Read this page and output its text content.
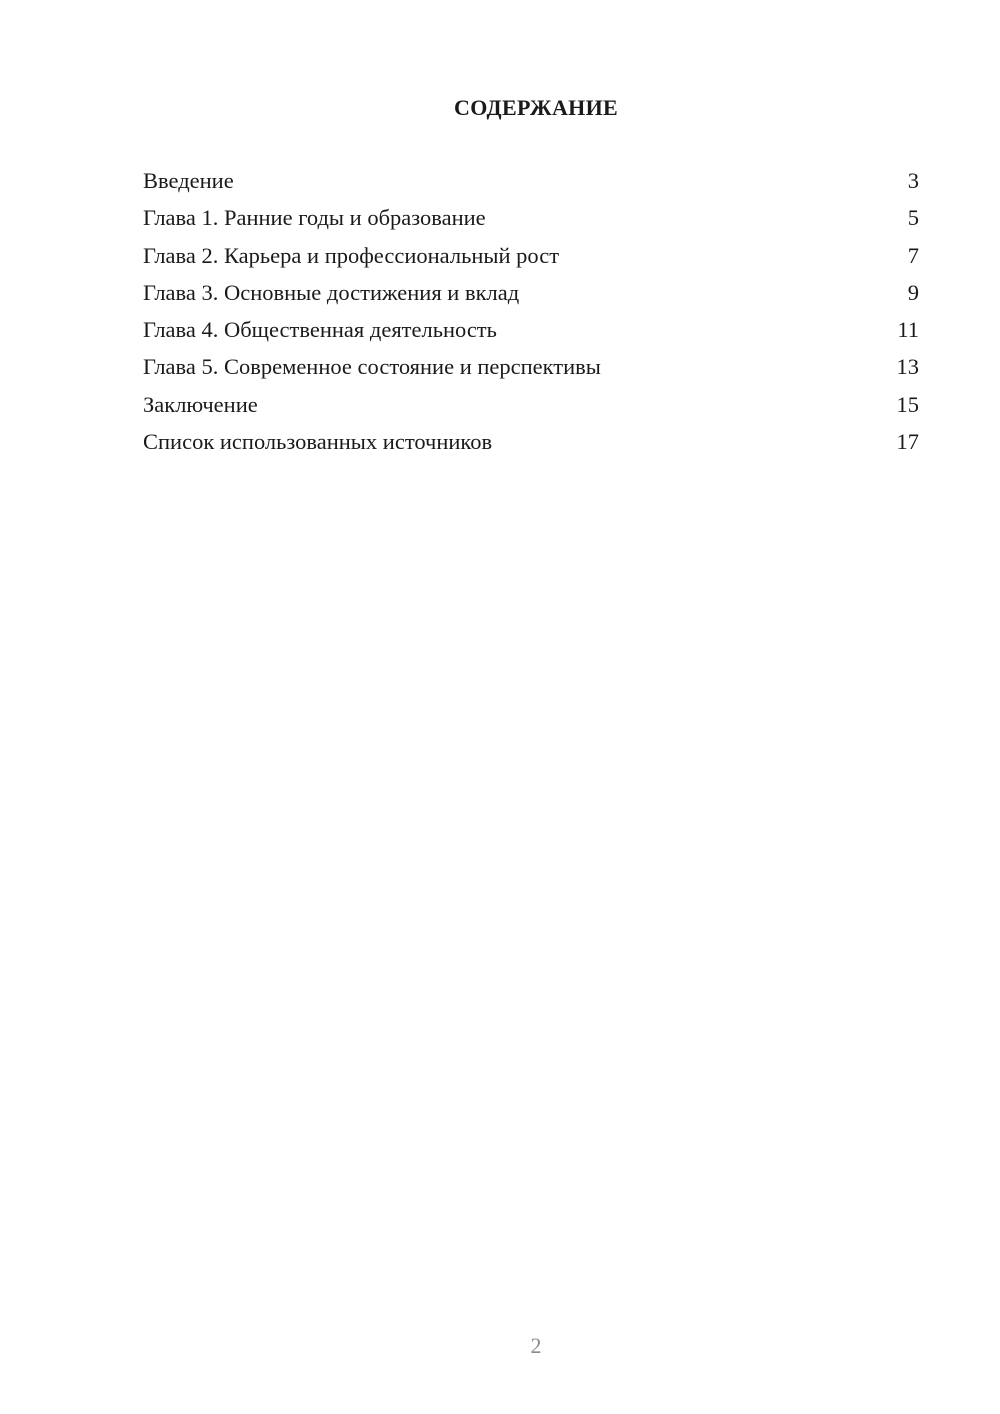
СОДЕРЖАНИЕ
Введение	3
Глава 1. Ранние годы и образование	5
Глава 2. Карьера и профессиональный рост	7
Глава 3. Основные достижения и вклад	9
Глава 4. Общественная деятельность	11
Глава 5. Современное состояние и перспективы	13
Заключение	15
Список использованных источников	17
2
